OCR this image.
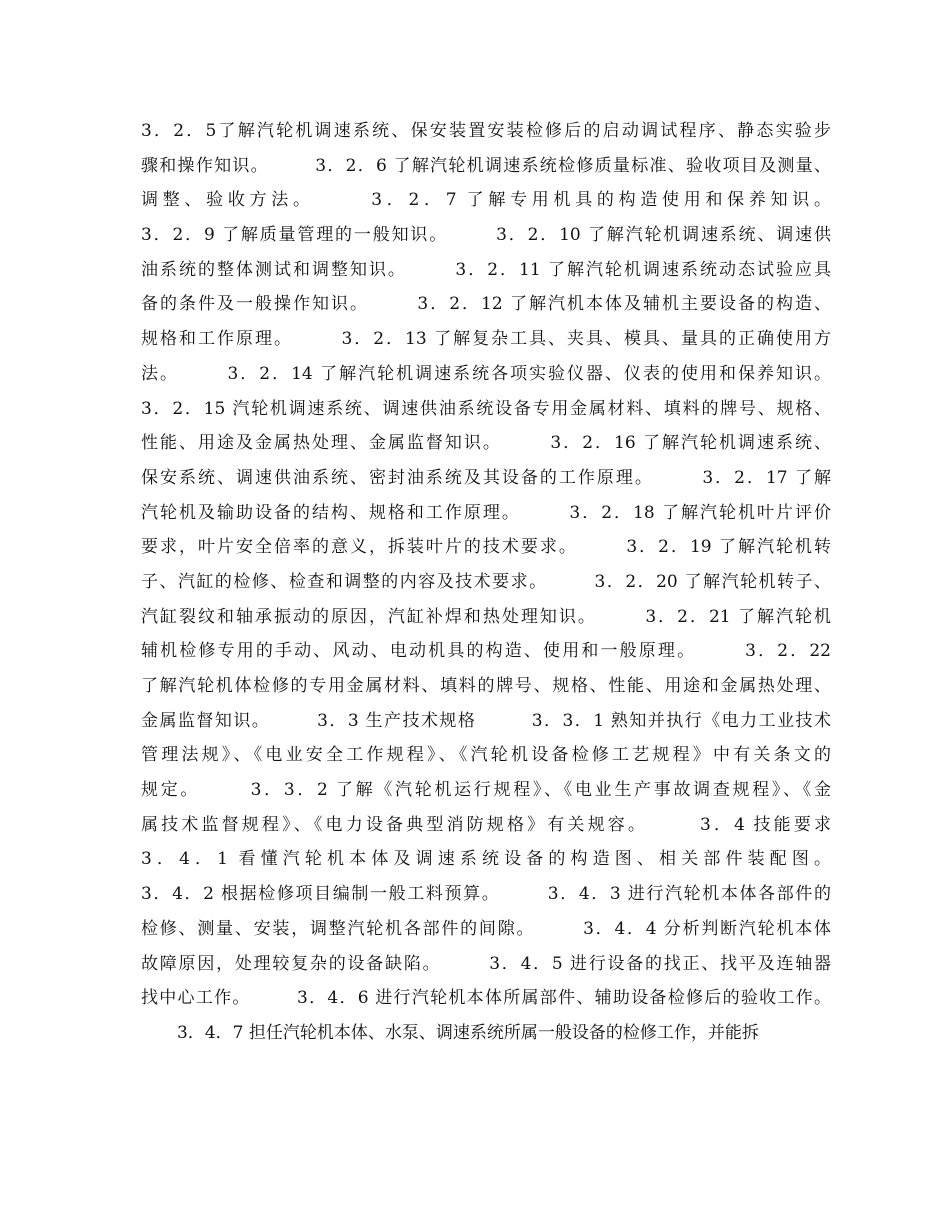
3．2．5了解汽轮机调速系统、保安装置安装检修后的启动调试程序、静态实验步
骤和操作知识。　　　3．2．6 了解汽轮机调速系统检修质量标准、验收项目及测量、
调整、验收方法。　　　3．2．7 了解专用机具的构造使用和保养知识。
3．2．9 了解质量管理的一般知识。　　　3．2．10 了解汽轮机调速系统、调速供
油系统的整体测试和调整知识。　　　3．2．11 了解汽轮机调速系统动态试验应具
备的条件及一般操作知识。　　　3．2．12 了解汽机本体及辅机主要设备的构造、
规格和工作原理。　　　3．2．13 了解复杂工具、夹具、模具、量具的正确使用方
法。　　　3．2．14 了解汽轮机调速系统各项实验仪器、仪表的使用和保养知识。
3．2．15 汽轮机调速系统、调速供油系统设备专用金属材料、填料的牌号、规格、
性能、用途及金属热处理、金属监督知识。　　　3．2．16 了解汽轮机调速系统、
保安系统、调速供油系统、密封油系统及其设备的工作原理。　　　3．2．17 了解
汽轮机及输助设备的结构、规格和工作原理。　　　3．2．18 了解汽轮机叶片评价
要求，叶片安全倍率的意义，拆装叶片的技术要求。　　　3．2．19 了解汽轮机转
子、汽缸的检修、检查和调整的内容及技术要求。　　　3．2．20 了解汽轮机转子、
汽缸裂纹和轴承振动的原因，汽缸补焊和热处理知识。　　　3．2．21 了解汽轮机
辅机检修专用的手动、风动、电动机具的构造、使用和一般原理。　　　3．2．22
了解汽轮机体检修的专用金属材料、填料的牌号、规格、性能、用途和金属热处理、
金属监督知识。　　　3．3 生产技术规格　　　3．3．1 熟知并执行《电力工业技术
管理法规》、《电业安全工作规程》、《汽轮机设备检修工艺规程》中有关条文的
规定。　　　3．3．2 了解《汽轮机运行规程》、《电业生产事故调查规程》、《金
属技术监督规程》、《电力设备典型消防规格》有关规容。　　　3．4 技能要求
3．4．1 看懂汽轮机本体及调速系统设备的构造图、相关部件装配图。
3．4．2 根据检修项目编制一般工料预算。　　　3．4．3 进行汽轮机本体各部件的
检修、测量、安装，调整汽轮机各部件的间隙。　　　3．4．4 分析判断汽轮机本体
故障原因，处理较复杂的设备缺陷。　　　3．4．5 进行设备的找正、找平及连轴器
找中心工作。　　　3．4．6 进行汽轮机本体所属部件、辅助设备检修后的验收工作。
3．4．7 担任汽轮机本体、水泵、调速系统所属一般设备的检修工作，并能拆
